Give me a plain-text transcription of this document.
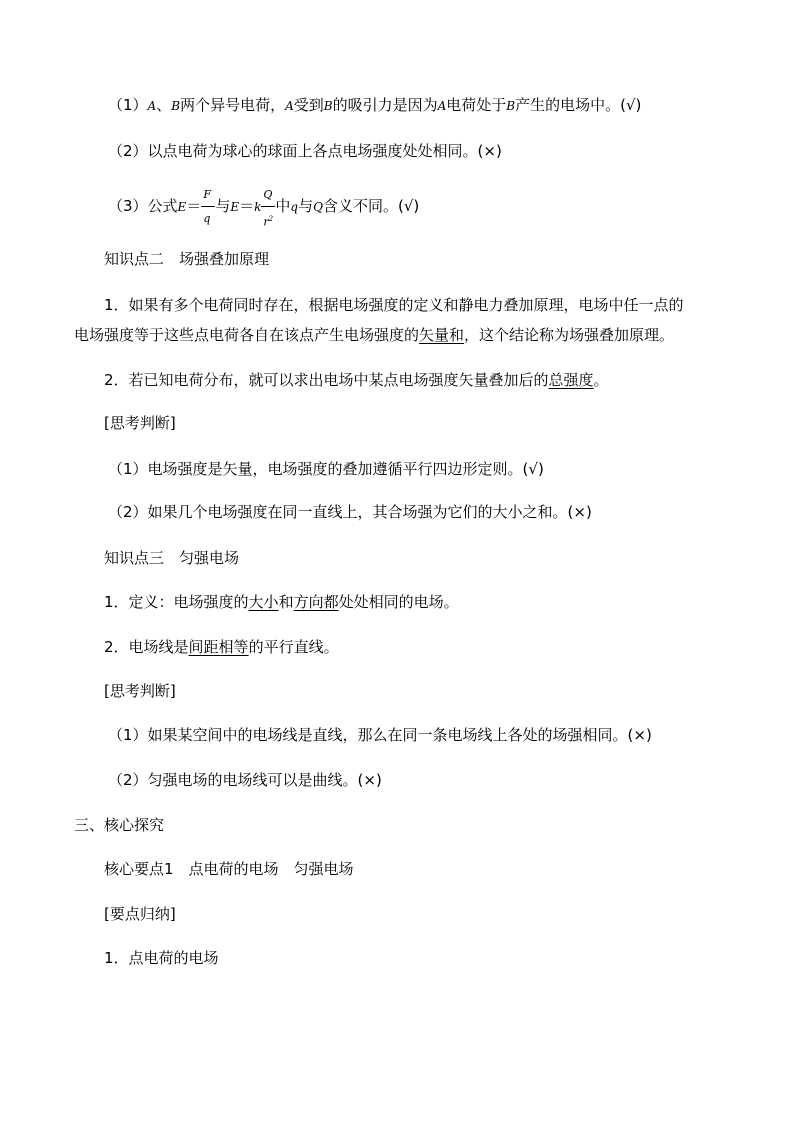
（1）A、B两个异号电荷，A受到B的吸引力是因为A电荷处于B产生的电场中。(√)
（2）以点电荷为球心的球面上各点电场强度处处相同。(×)
（3）公式$E= \frac{F}{q}$ 与$E=k \frac{Q}{r^2}$ 中q与Q含义不同。(√)
知识点二　场强叠加原理
1．如果有多个电荷同时存在，根据电场强度的定义和静电力叠加原理，电场中任一点的
电场强度等于这些点电荷各自在该点产生电场强度的矢量和，这个结论称为场强叠加原理。
2．若已知电荷分布，就可以求出电场中某点电场强度矢量叠加后的总强度。
[思考判断]
（1）电场强度是矢量，电场强度的叠加遵循平行四边形定则。(√)
（2）如果几个电场强度在同一直线上，其合场强为它们的大小之和。(×)
知识点三　匀强电场
1．定义：电场强度的大小和方向都处处相同的电场。
2．电场线是间距相等的平行直线。
[思考判断]
（1）如果某空间中的电场线是直线，那么在同一条电场线上各处的场强相同。(×)
（2）匀强电场的电场线可以是曲线。(×)
三、核心探究
核心要点1　点电荷的电场　匀强电场
[要点归纳]
1．点电荷的电场
